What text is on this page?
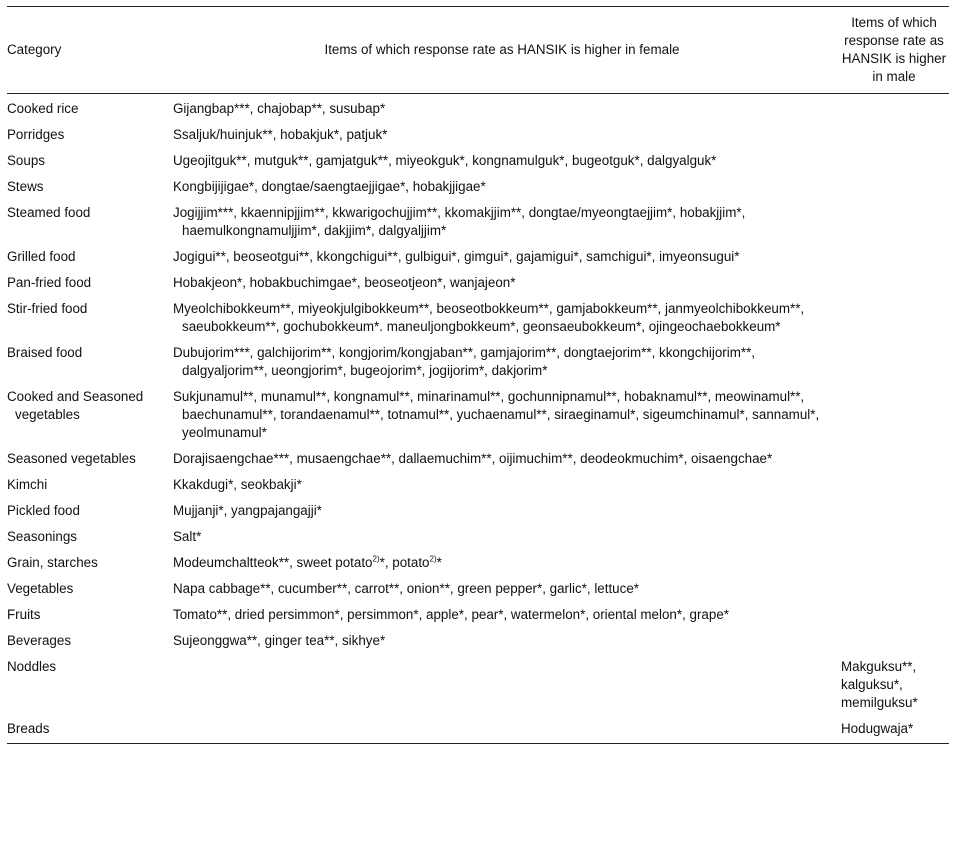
Category	Items of which response rate as HANSIK is higher in female	Items of which response rate as HANSIK is higher in male

Cooked rice	Gijangbap***, chajobap**, susubap*	

Porridges	Ssaljuk/huinjuk**, hobakjuk*, patjuk*	

Soups	Ugeojitguk**, mutguk**, gamjatguk**, miyeokguk*, kongnamulguk*, bugeotguk*, dalgyalguk*	

Stews	Kongbijijigae*, dongtae/saengtaejjigae*, hobakjjigae*	

Steamed food	Jogijjim***, kkaennipjjim**, kkwarigochujjim**, kkomakjjim**, dongtae/myeongtaejjim*, hobakjjim*, haemulkongnamuljjim*, dakjjim*, dalgyaljjim*	

Grilled food	Jogigui**, beoseotgui**, kkongchigui**, gulbigui*, gimgui*, gajamigui*, samchigui*, imyeonsugui*	

Pan-fried food	Hobakjeon*, hobakbuchimgae*, beoseotjeon*, wanjajeon*	

Stir-fried food	Myeolchibokkeum**, miyeokjulgibokkeum**, beoseotbokkeum**, gamjabokkeum**, janmyeolchibokkeum**, saeubokkeum**, gochubokkeum*. maneuljongbokkeum*, geonsaeubokkeum*, ojingeochaebokkeum*	

Braised food	Dubujorim***, galchijorim**, kongjorim/kongjaban**, gamjajorim**, dongtaejorim**, kkongchijorim**, dalgyaljorim**, ueongjorim*, bugeojorim*, jogijorim*, dakjorim*	

Cooked and Seasoned vegetables	Sukjunamul**, munamul**, kongnamul**, minarinamul**, gochunnipnamul**, hobaknamul**, meowinamul**, baechunamul**, torandaenamul**, totnamul**, yuchaenamul**, siraeginamul*, sigeumchinamul*, sannamul*, yeolmunamul*	

Seasoned vegetables	Dorajisaengchae***, musaengchae**, dallaemuchim**, oijimuchim**, deodeokmuchim*, oisaengchae*	

Kimchi	Kkakdugi*, seokbakji*	

Pickled food	Mujjanji*, yangpajangajji*	

Seasonings	Salt*	

Grain, starches	Modeumchaltteok**, sweet potato$^{2)}$*, potato$^{2)}$*	

Vegetables	Napa cabbage**, cucumber**, carrot**, onion**, green pepper*, garlic*, lettuce*	

Fruits	Tomato**, dried persimmon*, persimmon*, apple*, pear*, watermelon*, oriental melon*, grape*	

Beverages	Sujeonggwa**, ginger tea**, sikhye*	

Noddles		Makguksu**, kalguksu*, memilguksu*

Breads		Hodugwaja*
